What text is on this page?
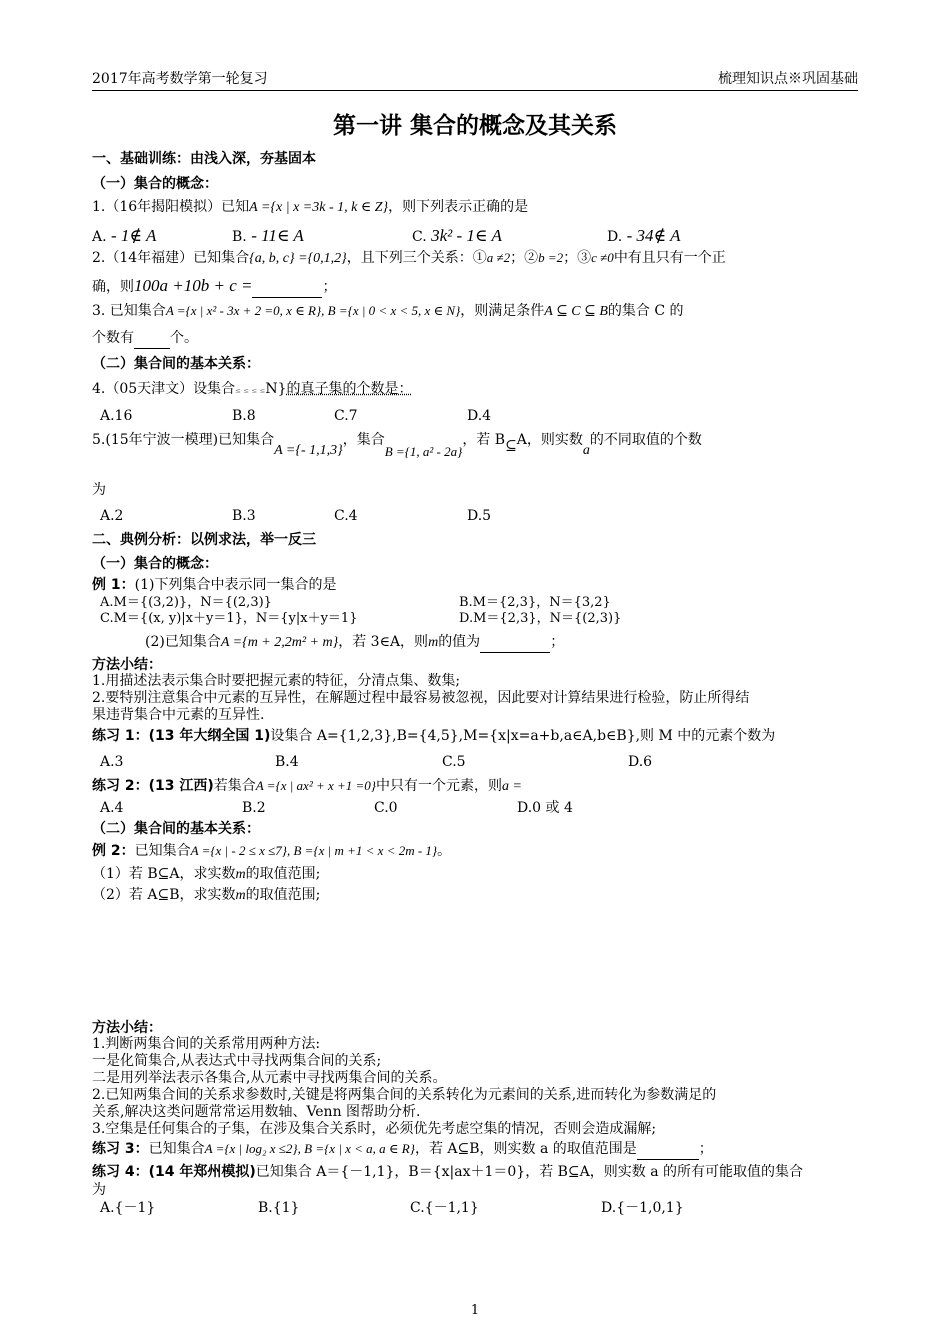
2017年高考数学第一轮复习	梳理知识点※巩固基础
第一讲 集合的概念及其关系
一、基础训练：由浅入深，夯基固本
（一）集合的概念：
1.（16年揭阳模拟）已知A ={x | x =3k - 1, k ∈ Z}，则下列表示正确的是
A. - 1∉ A	B. - 11∈ A	C. 3k² - 1∈ A	D. - 34∉ A
2.（14年福建）已知集合{a, b, c} ={0,1,2}，且下列三个关系：①a ≠2；②b =2；③c ≠0中有且只有一个正
确，则100a +10b + c =	；
3. 已知集合A ={x | x² - 3x + 2 =0, x ∈ R}, B ={x | 0 < x < 5, x ∈ N}，则满足条件A ⊆ C ⊆ B的集合 C 的
个数有	个。
（二）集合间的基本关系：
4.（05天津文）设集合≤ ≤ ≤ ≤N}的真子集的个数是：
A.16	B.8	C.7	D.4
5.(15年宁波一模理)已知集合A ={- 1,1,3}，集合B ={1, a² - 2a}，若 B⊆A，则实数a的不同取值的个数
为
A.2	B.3	C.4	D.5
二、典例分析：以例求法，举一反三
（一）集合的概念：
例 1：(1)下列集合中表示同一集合的是
A.M＝{(3,2)}，N＝{(2,3)}	B.M＝{2,3}，N＝{3,2}
C.M＝{(x, y)|x＋y＝1}，N＝{y|x＋y＝1}	D.M＝{2,3}，N＝{(2,3)}
(2)已知集合A ={m + 2,2m² + m}，若 3∈A，则m的值为	；
方法小结：
1.用描述法表示集合时要把握元素的特征，分清点集、数集;
2.要特别注意集合中元素的互异性，在解题过程中最容易被忽视，因此要对计算结果进行检验，防止所得结
果违背集合中元素的互异性.
练习 1：(13 年大纲全国 1)设集合 A={1,2,3},B={4,5},M={x|x=a+b,a∈A,b∈B},则 M 中的元素个数为
A.3	B.4	C.5	D.6
练习 2：(13 江西)若集合A ={x | ax² + x +1 =0}中只有一个元素，则a =
A.4	B.2	C.0	D.0 或 4
（二）集合间的基本关系：
例 2：已知集合A ={x | - 2 ≤ x ≤7}, B ={x | m +1 < x < 2m - 1}。
（1）若 B⊆A，求实数m的取值范围;
（2）若 A⊆B，求实数m的取值范围;
方法小结：
1.判断两集合间的关系常用两种方法:
一是化简集合,从表达式中寻找两集合间的关系;
二是用列举法表示各集合,从元素中寻找两集合间的关系。
2.已知两集合间的关系求参数时,关键是将两集合间的关系转化为元素间的关系,进而转化为参数满足的
关系,解决这类问题常常运用数轴、Venn 图帮助分析.
3.空集是任何集合的子集，在涉及集合关系时，必须优先考虑空集的情况，否则会造成漏解;
练习 3：已知集合A ={x | log₂ x ≤2}, B ={x | x < a, a ∈ R}，若 A⊆B，则实数 a 的取值范围是	；
练习 4：(14 年郑州模拟)已知集合 A＝{－1,1}，B＝{x|ax＋1＝0}，若 B⊆A，则实数 a 的所有可能取值的集合
为
A.{－1}	B.{1}	C.{－1,1}	D.{－1,0,1}
1
